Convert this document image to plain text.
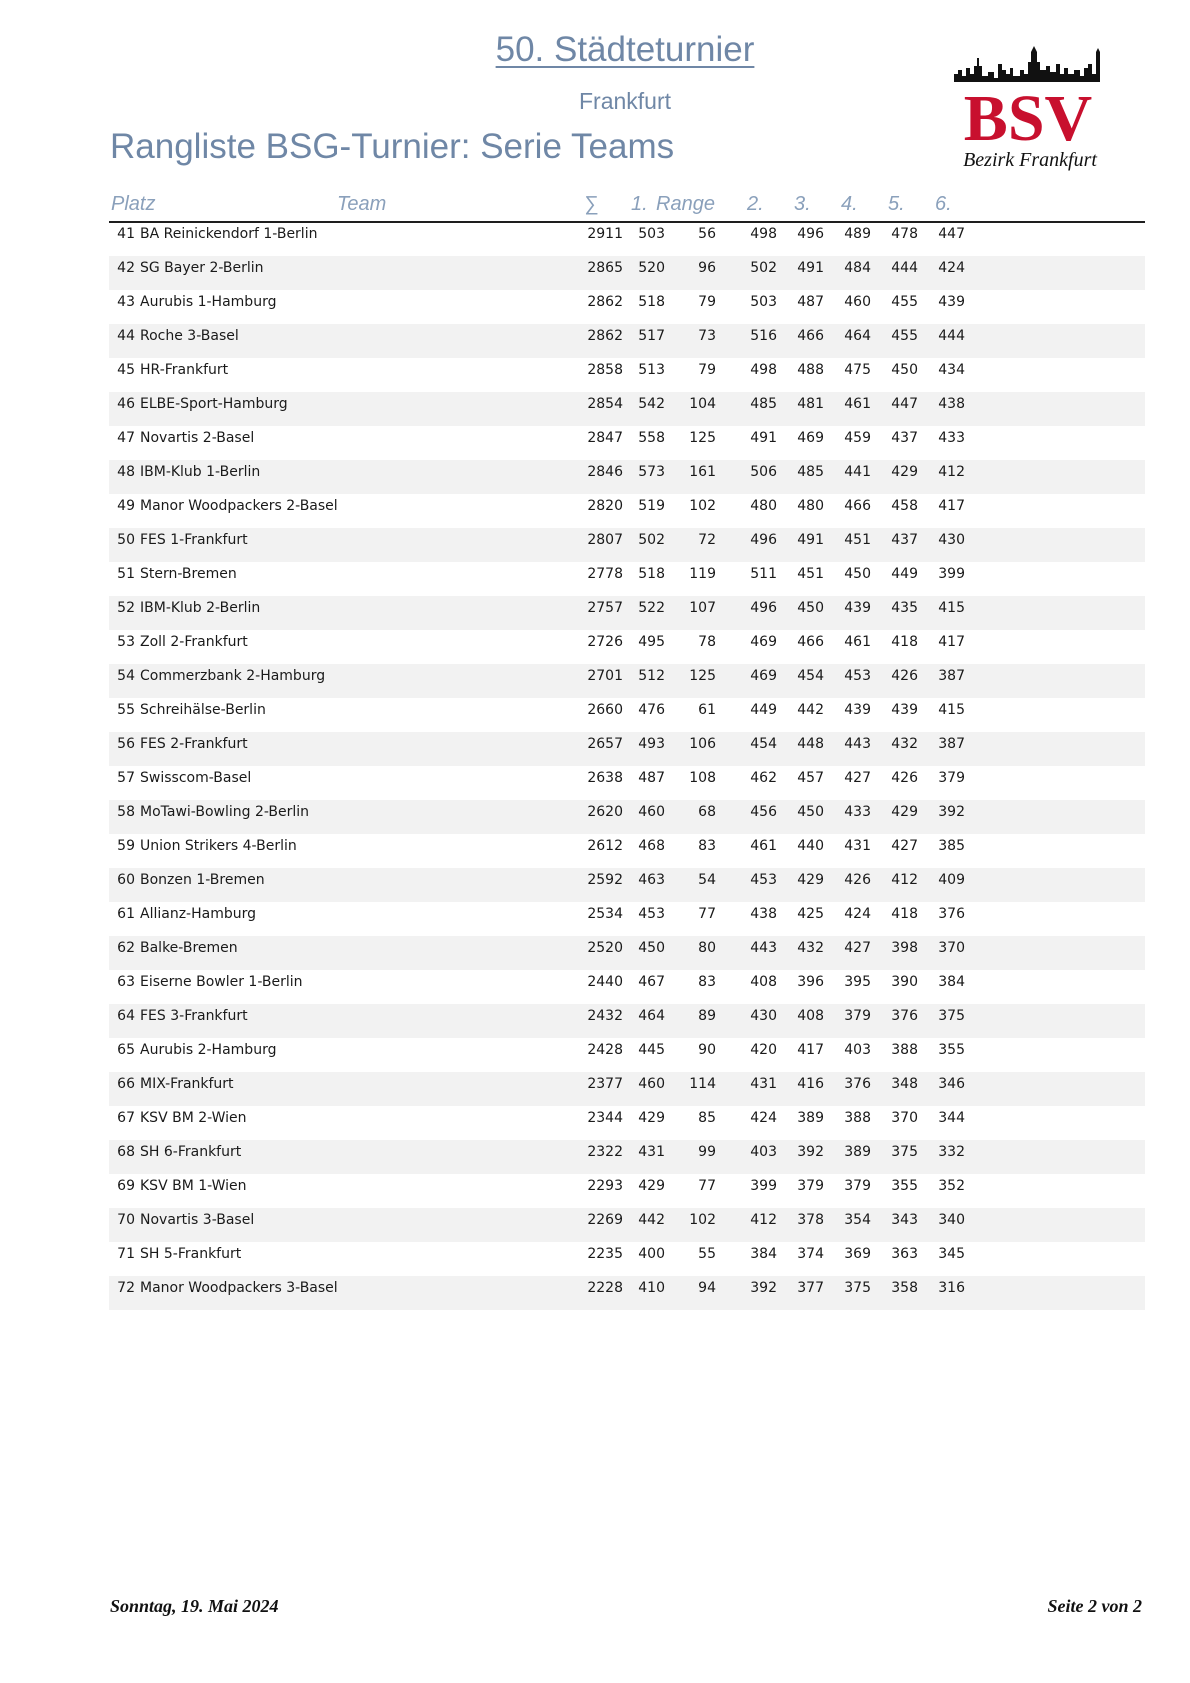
50. Städteturnier
Frankfurt
Rangliste BSG-Turnier: Serie Teams	BSV
Bezirk Frankfurt
Platz	Team	∑ 1. Range 2. 3. 4. 5. 6.
41 BA Reinickendorf 1-Berlin	2911	503	56	498	496	489	478	447
42 SG Bayer 2-Berlin	2865	520	96	502	491	484	444	424
43 Aurubis 1-Hamburg	2862	518	79	503	487	460	455	439
44 Roche 3-Basel	2862	517	73	516	466	464	455	444
45 HR-Frankfurt	2858	513	79	498	488	475	450	434
46 ELBE-Sport-Hamburg	2854	542	104	485	481	461	447	438
47 Novartis 2-Basel	2847	558	125	491	469	459	437	433
48 IBM-Klub 1-Berlin	2846	573	161	506	485	441	429	412
49 Manor Woodpackers 2-Basel	2820	519	102	480	480	466	458	417
50 FES 1-Frankfurt	2807	502	72	496	491	451	437	430
51 Stern-Bremen	2778	518	119	511	451	450	449	399
52 IBM-Klub 2-Berlin	2757	522	107	496	450	439	435	415
53 Zoll 2-Frankfurt	2726	495	78	469	466	461	418	417
54 Commerzbank 2-Hamburg	2701	512	125	469	454	453	426	387
55 Schreihälse-Berlin	2660	476	61	449	442	439	439	415
56 FES 2-Frankfurt	2657	493	106	454	448	443	432	387
57 Swisscom-Basel	2638	487	108	462	457	427	426	379
58 MoTawi-Bowling 2-Berlin	2620	460	68	456	450	433	429	392
59 Union Strikers 4-Berlin	2612	468	83	461	440	431	427	385
60 Bonzen 1-Bremen	2592	463	54	453	429	426	412	409
61 Allianz-Hamburg	2534	453	77	438	425	424	418	376
62 Balke-Bremen	2520	450	80	443	432	427	398	370
63 Eiserne Bowler 1-Berlin	2440	467	83	408	396	395	390	384
64 FES 3-Frankfurt	2432	464	89	430	408	379	376	375
65 Aurubis 2-Hamburg	2428	445	90	420	417	403	388	355
66 MIX-Frankfurt	2377	460	114	431	416	376	348	346
67 KSV BM 2-Wien	2344	429	85	424	389	388	370	344
68 SH 6-Frankfurt	2322	431	99	403	392	389	375	332
69 KSV BM 1-Wien	2293	429	77	399	379	379	355	352
70 Novartis 3-Basel	2269	442	102	412	378	354	343	340
71 SH 5-Frankfurt	2235	400	55	384	374	369	363	345
72 Manor Woodpackers 3-Basel	2228	410	94	392	377	375	358	316
Sonntag, 19. Mai 2024	Seite 2 von 2
